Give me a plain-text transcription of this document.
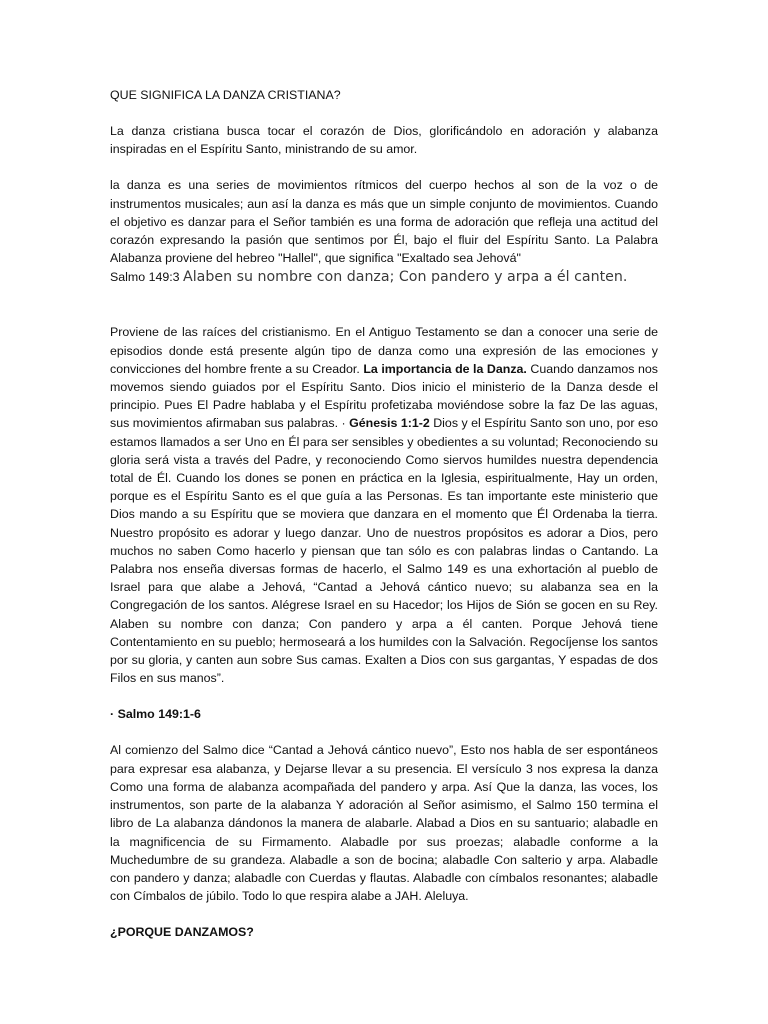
QUE SIGNIFICA LA DANZA CRISTIANA?

La danza cristiana busca tocar el corazón de Dios, glorificándolo en adoración y alabanza inspiradas en el Espíritu Santo, ministrando de su amor.

la danza es una series de movimientos rítmicos del cuerpo hechos al son de la voz o de instrumentos musicales; aun así la danza es más que un simple conjunto de movimientos. Cuando el objetivo es danzar para el Señor también es una forma de adoración que refleja una actitud del corazón expresando la pasión que sentimos por Él, bajo el fluir del Espíritu Santo. La Palabra Alabanza proviene del hebreo "Hallel", que significa "Exaltado sea Jehová"

Salmo 149:3 Alaben su nombre con danza; Con pandero y arpa a él canten.

Proviene de las raíces del cristianismo. En el Antiguo Testamento se dan a conocer una serie de episodios donde está presente algún tipo de danza como una expresión de las emociones y convicciones del hombre frente a su Creador. La importancia de la Danza. Cuando danzamos nos movemos siendo guiados por el Espíritu Santo. Dios inicio el ministerio de la Danza desde el principio. Pues El Padre hablaba y el Espíritu profetizaba moviéndose sobre la faz De las aguas, sus movimientos afirmaban sus palabras. · Génesis 1:1-2 Dios y el Espíritu Santo son uno, por eso estamos llamados a ser Uno en Él para ser sensibles y obedientes a su voluntad; Reconociendo su gloria será vista a través del Padre, y reconociendo Como siervos humildes nuestra dependencia total de Él. Cuando los dones se ponen en práctica en la Iglesia, espiritualmente, Hay un orden, porque es el Espíritu Santo es el que guía a las Personas. Es tan importante este ministerio que Dios mando a su Espíritu que se moviera que danzara en el momento que Él Ordenaba la tierra. Nuestro propósito es adorar y luego danzar. Uno de nuestros propósitos es adorar a Dios, pero muchos no saben Como hacerlo y piensan que tan sólo es con palabras lindas o Cantando. La Palabra nos enseña diversas formas de hacerlo, el Salmo 149 es una exhortación al pueblo de Israel para que alabe a Jehová, “Cantad a Jehová cántico nuevo; su alabanza sea en la Congregación de los santos. Alégrese Israel en su Hacedor; los Hijos de Sión se gocen en su Rey. Alaben su nombre con danza; Con pandero y arpa a él canten. Porque Jehová tiene Contentamiento en su pueblo; hermoseará a los humildes con la Salvación. Regocíjense los santos por su gloria, y canten aun sobre Sus camas. Exalten a Dios con sus gargantas, Y espadas de dos Filos en sus manos”.

· Salmo 149:1-6

Al comienzo del Salmo dice “Cantad a Jehová cántico nuevo”, Esto nos habla de ser espontáneos para expresar esa alabanza, y Dejarse llevar a su presencia. El versículo 3 nos expresa la danza Como una forma de alabanza acompañada del pandero y arpa. Así Que la danza, las voces, los instrumentos, son parte de la alabanza Y adoración al Señor asimismo, el Salmo 150 termina el libro de La alabanza dándonos la manera de alabarle. Alabad a Dios en su santuario; alabadle en la magnificencia de su Firmamento. Alabadle por sus proezas; alabadle conforme a la Muchedumbre de su grandeza. Alabadle a son de bocina; alabadle Con salterio y arpa. Alabadle con pandero y danza; alabadle con Cuerdas y flautas. Alabadle con címbalos resonantes; alabadle con Címbalos de júbilo. Todo lo que respira alabe a JAH. Aleluya.

¿PORQUE DANZAMOS?
